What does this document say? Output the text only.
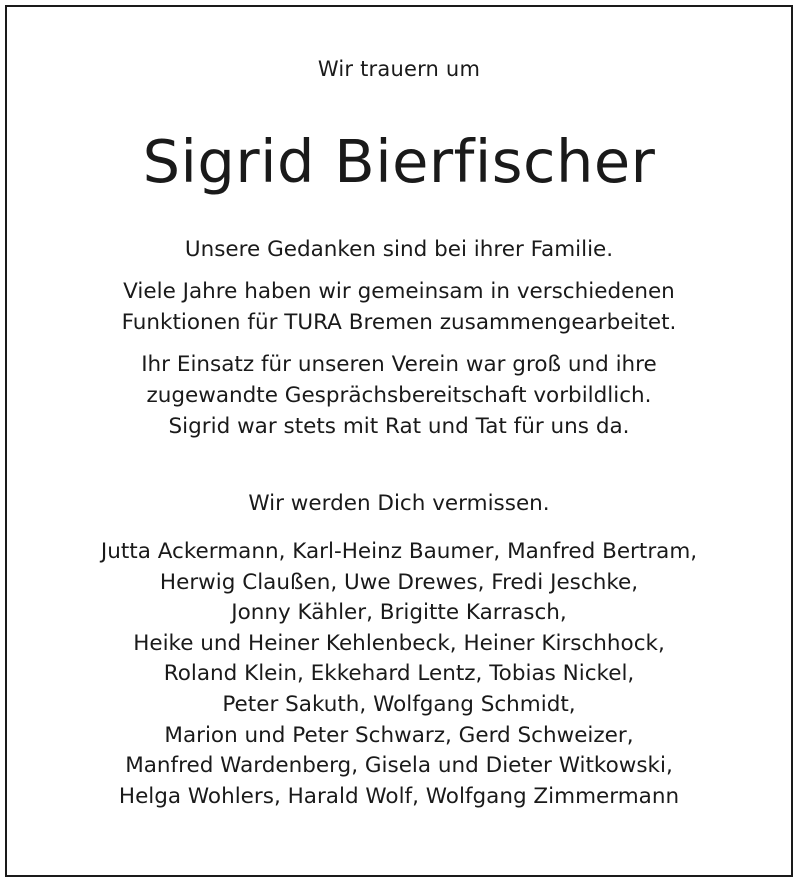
Wir trauern um
Sigrid Bierfischer
Unsere Gedanken sind bei ihrer Familie.
Viele Jahre haben wir gemeinsam in verschiedenen
Funktionen für TURA Bremen zusammengearbeitet.
Ihr Einsatz für unseren Verein war groß und ihre
zugewandte Gesprächsbereitschaft vorbildlich.
Sigrid war stets mit Rat und Tat für uns da.
Wir werden Dich vermissen.
Jutta Ackermann, Karl-Heinz Baumer, Manfred Bertram,
Herwig Claußen, Uwe Drewes, Fredi Jeschke,
Jonny Kähler, Brigitte Karrasch,
Heike und Heiner Kehlenbeck, Heiner Kirschhock,
Roland Klein, Ekkehard Lentz, Tobias Nickel,
Peter Sakuth, Wolfgang Schmidt,
Marion und Peter Schwarz, Gerd Schweizer,
Manfred Wardenberg, Gisela und Dieter Witkowski,
Helga Wohlers, Harald Wolf, Wolfgang Zimmermann
